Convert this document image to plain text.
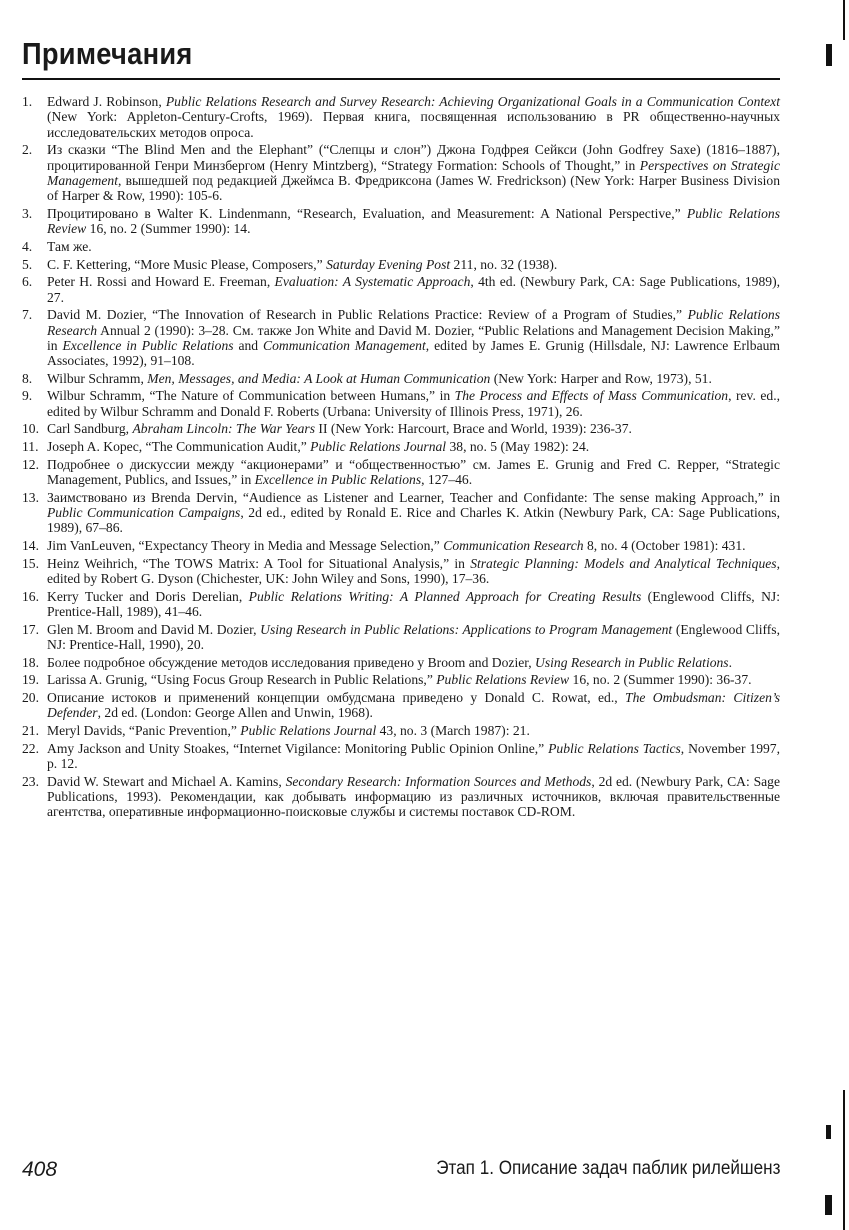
Примечания
1. Edward J. Robinson, Public Relations Research and Survey Research: Achieving Organizational Goals in a Communication Context (New York: Appleton-Century-Crofts, 1969). Первая книга, посвященная использованию в PR общественно-научных исследовательских методов опроса.
2. Из сказки “The Blind Men and the Elephant” (“Слепцы и слон”) Джона Годфрея Сейкси (John Godfrey Saxe) (1816–1887), процитированной Генри Минзбергом (Henry Mintzberg), “Strategy Formation: Schools of Thought,” in Perspectives on Strategic Management, вышедшей под редакцией Джеймса В. Фредриксона (James W. Fredrickson) (New York: Harper Business Division of Harper & Row, 1990): 105-6.
3. Процитировано в Walter K. Lindenmann, “Research, Evaluation, and Measurement: A National Perspective,” Public Relations Review 16, no. 2 (Summer 1990): 14.
4. Там же.
5. C. F. Kettering, “More Music Please, Composers,” Saturday Evening Post 211, no. 32 (1938).
6. Peter H. Rossi and Howard E. Freeman, Evaluation: A Systematic Approach, 4th ed. (Newbury Park, CA: Sage Publications, 1989), 27.
7. David M. Dozier, “The Innovation of Research in Public Relations Practice: Review of a Program of Studies,” Public Relations Research Annual 2 (1990): 3–28. См. также Jon White and David M. Dozier, “Public Relations and Management Decision Making,” in Excellence in Public Relations and Communication Management, edited by James E. Grunig (Hillsdale, NJ: Lawrence Erlbaum Associates, 1992), 91–108.
8. Wilbur Schramm, Men, Messages, and Media: A Look at Human Communication (New York: Harper and Row, 1973), 51.
9. Wilbur Schramm, “The Nature of Communication between Humans,” in The Process and Effects of Mass Communication, rev. ed., edited by Wilbur Schramm and Donald F. Roberts (Urbana: University of Illinois Press, 1971), 26.
10. Carl Sandburg, Abraham Lincoln: The War Years II (New York: Harcourt, Brace and World, 1939): 236-37.
11. Joseph A. Kopec, “The Communication Audit,” Public Relations Journal 38, no. 5 (May 1982): 24.
12. Подробнее о дискуссии между “акционерами” и “общественностью” см. James E. Grunig and Fred C. Repper, “Strategic Management, Publics, and Issues,” in Excellence in Public Relations, 127–46.
13. Заимствовано из Brenda Dervin, “Audience as Listener and Learner, Teacher and Confidante: The sense making Approach,” in Public Communication Campaigns, 2d ed., edited by Ronald E. Rice and Charles K. Atkin (Newbury Park, CA: Sage Publications, 1989), 67–86.
14. Jim VanLeuven, “Expectancy Theory in Media and Message Selection,” Communication Research 8, no. 4 (October 1981): 431.
15. Heinz Weihrich, “The TOWS Matrix: A Tool for Situational Analysis,” in Strategic Planning: Models and Analytical Techniques, edited by Robert G. Dyson (Chichester, UK: John Wiley and Sons, 1990), 17–36.
16. Kerry Tucker and Doris Derelian, Public Relations Writing: A Planned Approach for Creating Results (Englewood Cliffs, NJ: Prentice-Hall, 1989), 41–46.
17. Glen M. Broom and David M. Dozier, Using Research in Public Relations: Applications to Program Management (Englewood Cliffs, NJ: Prentice-Hall, 1990), 20.
18. Более подробное обсуждение методов исследования приведено у Broom and Dozier, Using Research in Public Relations.
19. Larissa A. Grunig, “Using Focus Group Research in Public Relations,” Public Relations Review 16, no. 2 (Summer 1990): 36-37.
20. Описание истоков и применений концепции омбудсмана приведено у Donald C. Rowat, ed., The Ombudsman: Citizen’s Defender, 2d ed. (London: George Allen and Unwin, 1968).
21. Meryl Davids, “Panic Prevention,” Public Relations Journal 43, no. 3 (March 1987): 21.
22. Amy Jackson and Unity Stoakes, “Internet Vigilance: Monitoring Public Opinion Online,” Public Relations Tactics, November 1997, p. 12.
23. David W. Stewart and Michael A. Kamins, Secondary Research: Information Sources and Methods, 2d ed. (Newbury Park, CA: Sage Publications, 1993). Рекомендации, как добывать информацию из различных источников, включая правительственные агентства, оперативные информационно-поисковые службы и системы поставок CD-ROM.
408	Этап 1. Описание задач паблик рилейшенз
